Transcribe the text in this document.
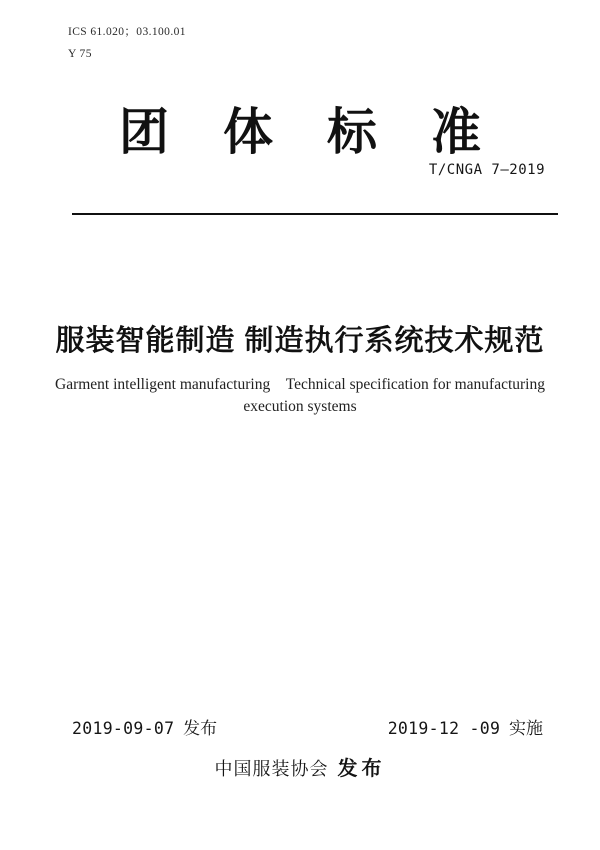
ICS 61.020；03.100.01
Y 75
团体标准
T/CNGA 7—2019
服装智能制造 制造执行系统技术规范
Garment intelligent manufacturing　Technical specification for manufacturing
execution systems
2019-09-07 发布	2019-12 -09 实施
中国服装协会 发布
